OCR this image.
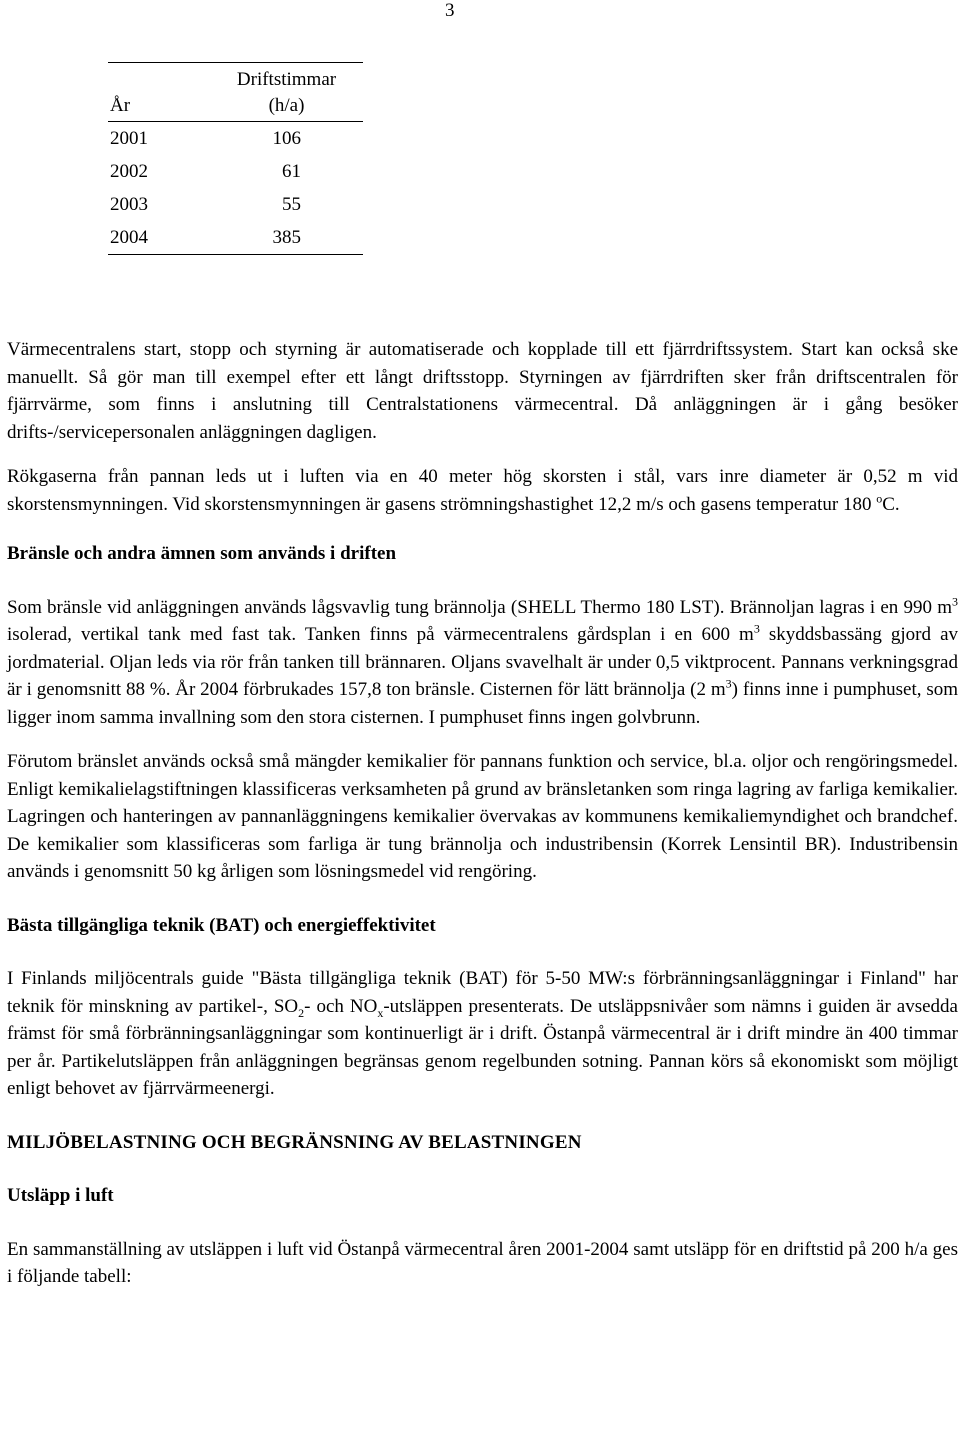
3
År	Driftstimmar
(h/a)
2001	106
2002	61
2003	55
2004	385

Värmecentralens start, stopp och styrning är automatiserade och kopplade till ett fjärrdriftssystem. Start kan också ske manuellt. Så gör man till exempel efter ett långt driftsstopp. Styrningen av fjärrdriften sker från driftscentralen för fjärrvärme, som finns i anslutning till Centralstationens värmecentral. Då anläggningen är i gång besöker drifts-/servicepersonalen anläggningen dagligen.

Rökgaserna från pannan leds ut i luften via en 40 meter hög skorsten i stål, vars inre diameter är 0,52 m vid skorstensmynningen. Vid skorstensmynningen är gasens strömningshastighet 12,2 m/s och gasens temperatur 180 $^o$C.

Bränsle och andra ämnen som används i driften

Som bränsle vid anläggningen används lågsvavlig tung brännolja (SHELL Thermo 180 LST). Brännoljan lagras i en 990 $m^3$ isolerad, vertikal tank med fast tak. Tanken finns på värmecentralens gårdsplan i en 600 $m^3$ skyddsbassäng gjord av jordmaterial. Oljan leds via rör från tanken till brännaren. Oljans svavelhalt är under 0,5 viktprocent. Pannans verkningsgrad är i genomsnitt 88 %. År 2004 förbrukades 157,8 ton bränsle. Cisternen för lätt brännolja (2 $m^3$) finns inne i pumphuset, som ligger inom samma invallning som den stora cisternen. I pumphuset finns ingen golvbrunn.

Förutom bränslet används också små mängder kemikalier för pannans funktion och service, bl.a. oljor och rengöringsmedel. Enligt kemikalielagstiftningen klassificeras verksamheten på grund av bränsletanken som ringa lagring av farliga kemikalier. Lagringen och hanteringen av pannanläggningens kemikalier övervakas av kommunens kemikaliemyndighet och brandchef. De kemikalier som klassificeras som farliga är tung brännolja och industribensin (Korrek Lensintil BR). Industribensin används i genomsnitt 50 kg årligen som lösningsmedel vid rengöring.

Bästa tillgängliga teknik (BAT) och energieffektivitet

I Finlands miljöcentrals guide "Bästa tillgängliga teknik (BAT) för 5-50 MW:s förbränningsanläggningar i Finland" har teknik för minskning av partikel-, $SO_2-$ och $NO_x$-utsläppen presenterats. De utsläppsnivåer som nämns i guiden är avsedda främst för små förbränningsanläggningar som kontinuerligt är i drift. Östanpå värmecentral är i drift mindre än 400 timmar per år. Partikelutsläppen från anläggningen begränsas genom regelbunden sotning. Pannan körs så ekonomiskt som möjligt enligt behovet av fjärrvärmeenergi.

MILJÖBELASTNING OCH BEGRÄNSNING AV BELASTNINGEN
Utsläpp i luft

En sammanställning av utsläppen i luft vid Östanpå värmecentral åren 2001-2004 samt utsläpp för en driftstid på 200 h/a ges i följande tabell:
